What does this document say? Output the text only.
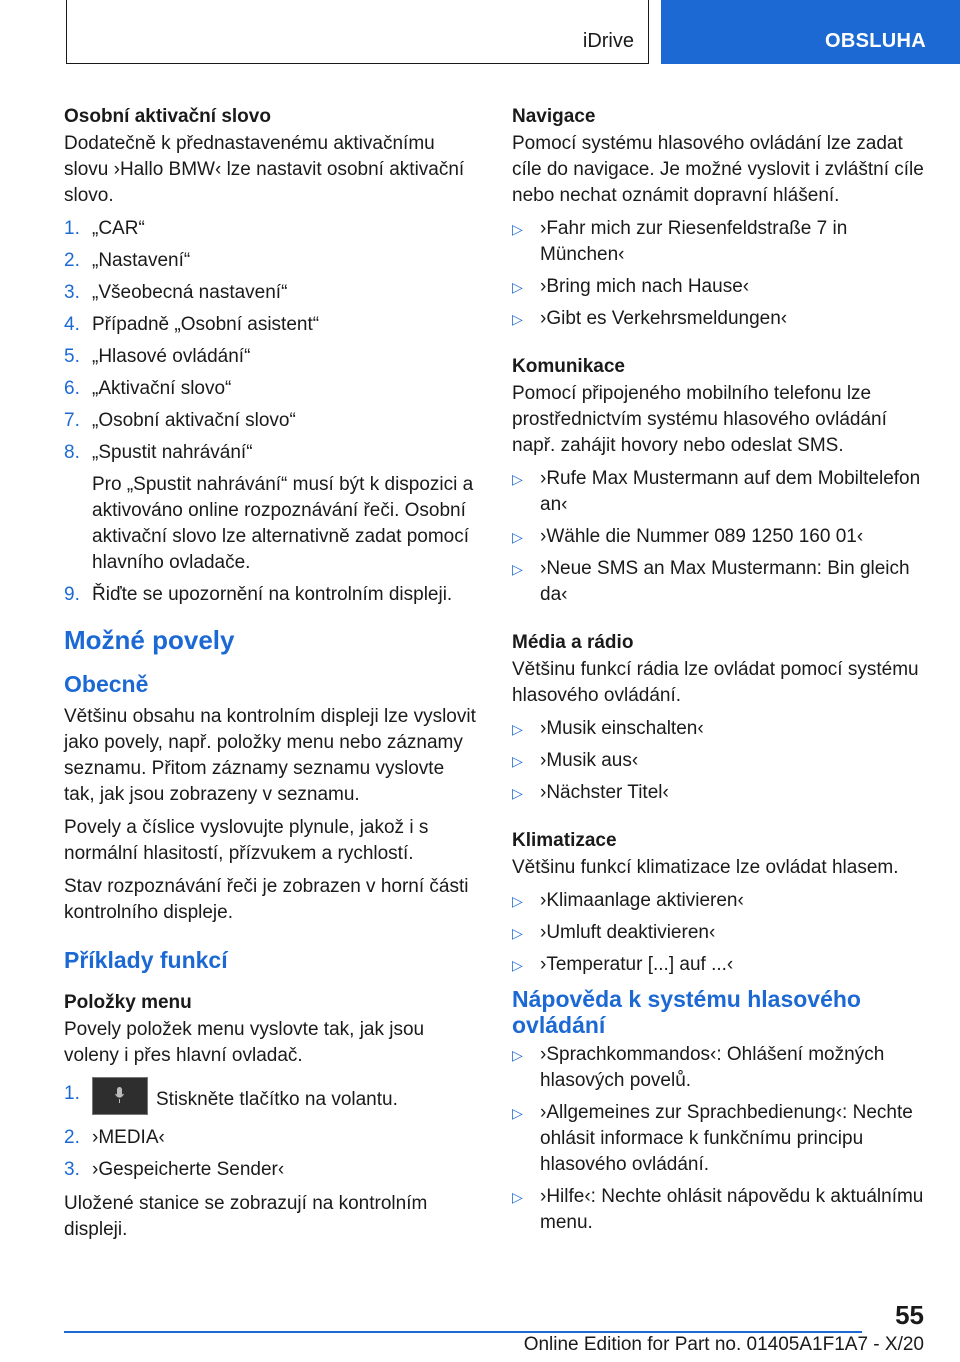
iDrive	OBSLUHA
Osobní aktivační slovo
Dodatečně k přednastavenému aktivačnímu slovu ›Hallo BMW‹ lze nastavit osobní aktivační slovo.
1. „CAR“
2. „Nastavení“
3. „Všeobecná nastavení“
4. Případně „Osobní asistent“
5. „Hlasové ovládání“
6. „Aktivační slovo“
7. „Osobní aktivační slovo“
8. „Spustit nahrávání“
Pro „Spustit nahrávání“ musí být k dispozici a aktivováno online rozpoznávání řeči. Osobní aktivační slovo lze alternativně zadat pomocí hlavního ovladače.
9. Řiďte se upozornění na kontrolním displeji.
Možné povely
Obecně
Většinu obsahu na kontrolním displeji lze vyslovit jako povely, např. položky menu nebo záznamy seznamu. Přitom záznamy seznamu vyslovte tak, jak jsou zobrazeny v seznamu.
Povely a číslice vyslovujte plynule, jakož i s normální hlasitostí, přízvukem a rychlostí.
Stav rozpoznávání řeči je zobrazen v horní části kontrolního displeje.
Příklady funkcí
Položky menu
Povely položek menu vyslovte tak, jak jsou voleny i přes hlavní ovladač.
1.	Stiskněte tlačítko na volantu.
2. ›MEDIA‹
3. ›Gespeicherte Sender‹
Uložené stanice se zobrazují na kontrolním displeji.
Navigace
Pomocí systému hlasového ovládání lze zadat cíle do navigace. Je možné vyslovit i zvláštní cíle nebo nechat oznámit dopravní hlášení.
▷ ›Fahr mich zur Riesenfeldstraße 7 in München‹
▷ ›Bring mich nach Hause‹
▷ ›Gibt es Verkehrsmeldungen‹
Komunikace
Pomocí připojeného mobilního telefonu lze prostřednictvím systému hlasového ovládání např. zahájit hovory nebo odeslat SMS.
▷ ›Rufe Max Mustermann auf dem Mobiltelefon an‹
▷ ›Wähle die Nummer 089 1250 160 01‹
▷ ›Neue SMS an Max Mustermann: Bin gleich da‹
Média a rádio
Většinu funkcí rádia lze ovládat pomocí systému hlasového ovládání.
▷ ›Musik einschalten‹
▷ ›Musik aus‹
▷ ›Nächster Titel‹
Klimatizace
Většinu funkcí klimatizace lze ovládat hlasem.
▷ ›Klimaanlage aktivieren‹
▷ ›Umluft deaktivieren‹
▷ ›Temperatur [...] auf ...‹
Nápověda k systému hlasového ovládání
▷ ›Sprachkommandos‹: Ohlášení možných hlasových povelů.
▷ ›Allgemeines zur Sprachbedienung‹: Nechte ohlásit informace k funkčnímu principu hlasového ovládání.
▷ ›Hilfe‹: Nechte ohlásit nápovědu k aktuálnímu menu.
55
Online Edition for Part no. 01405A1F1A7 - X/20
